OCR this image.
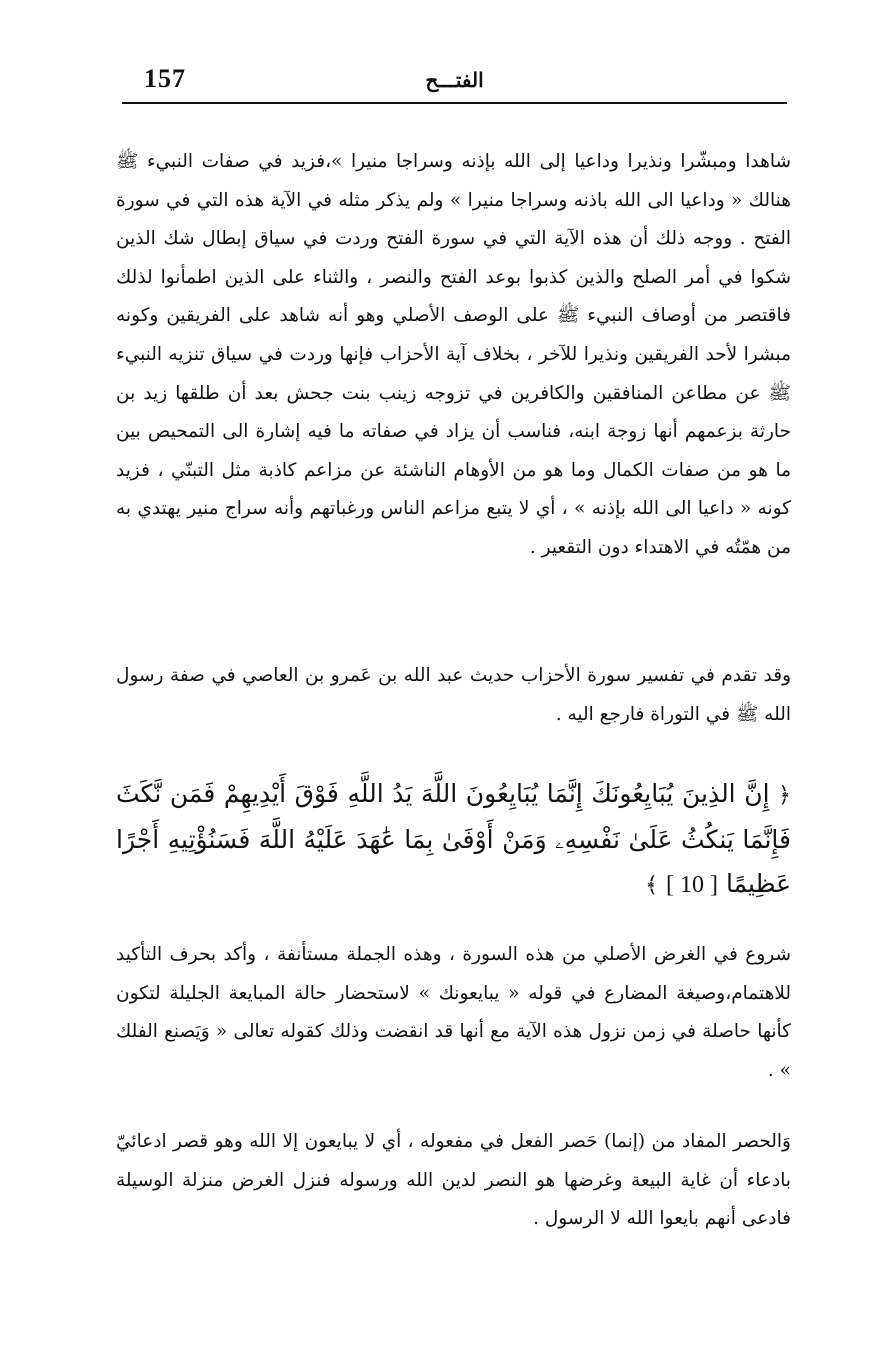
157	الفتـــح

شاهدا ومبشّرا ونذيرا وداعيا إلى الله بإذنه وسراجا منيرا »،فزيد في صفات النبيء ﷺ هنالك « وداعيا الى الله باذنه وسراجا منيرا » ولم يذكر مثله في الآية هذه التي في سورة الفتح . ووجه ذلك أن هذه الآية التي في سورة الفتح وردت في سياق إبطال شك الذين شكوا في أمر الصلح والذين كذبوا بوعد الفتح والنصر ، والثناء على الذين اطمأنوا لذلك فاقتصر من أوصاف النبيء ﷺ على الوصف الأصلي وهو أنه شاهد على الفريقين وكونه مبشرا لأحد الفريقين ونذيرا للآخر ، بخلاف آية الأحزاب فإنها وردت في سياق تنزيه النبيء ﷺ عن مطاعن المنافقين والكافرين في تزوجه زينب بنت جحش بعد أن طلقها زيد بن حارثة بزعمهم أنها زوجة ابنه، فناسب أن يزاد في صفاته ما فيه إشارة الى التمحيص بين ما هو من صفات الكمال وما هو من الأوهام الناشئة عن مزاعم كاذبة مثل التبنّي ، فزيد كونه « داعيا الى الله بإذنه » ، أي لا يتبع مزاعم الناس ورغباتهم وأنه سراج منير يهتدي به من همّتُه في الاهتداء دون التقعير .

وقد تقدم في تفسير سورة الأحزاب حديث عبد الله بن عَمرو بن العاصي في صفة رسول الله ﷺ في التوراة فارجع اليه .

﴿ إِنَّ الذِينَ يُبَايِعُونَكَ إِنَّمَا يُبَايِعُونَ اللَّهَ يَدُ اللَّهِ فَوْقَ أَيْدِيهِمْ فَمَن نَّكَثَ فَإِنَّمَا يَنكُثُ عَلَىٰ نَفْسِهِۦ وَمَنْ أَوْفَىٰ بِمَا عَٰهَدَ عَلَيْهُ اللَّهَ فَسَنُؤْتِيهِ أَجْرًا عَظِيمًا [ 10 ] ﴾

شروع في الغرض الأصلي من هذه السورة ، وهذه الجملة مستأنفة ، وأكد بحرف التأكيد للاهتمام،وصيغة المضارع في قوله « يبايعونك » لاستحضار حالة المبايعة الجليلة لتكون كأنها حاصلة في زمن نزول هذه الآية مع أنها قد انقضت وذلك كقوله تعالى « وَيَصنع الفلك » .

وَالحصر المفاد من (إنما) حَصر الفعل في مفعوله ، أي لا يبايعون إلا الله وهو قصر ادعائيّ بادعاء أن غاية البيعة وغرضها هو النصر لدين الله ورسوله فنزل الغرض منزلة الوسيلة فادعى أنهم بايعوا الله لا الرسول .
